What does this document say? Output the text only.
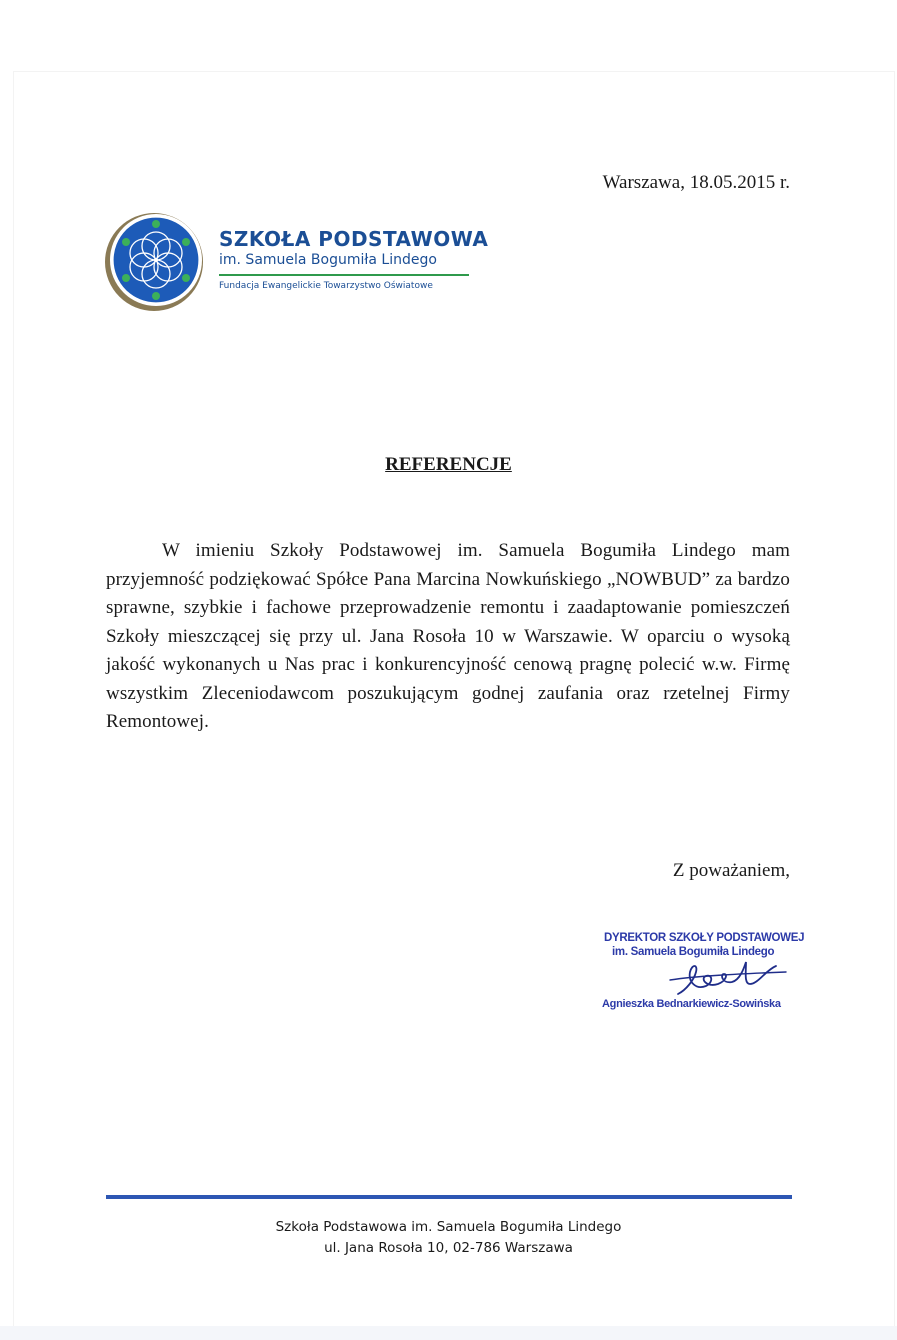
Warszawa, 18.05.2015 r.
SZKOŁA PODSTAWOWA
im. Samuela Bogumiła Lindego
Fundacja Ewangelickie Towarzystwo Oświatowe
REFERENCJE

W imieniu Szkoły Podstawowej im. Samuela Bogumiła Lindego mam przyjemność podziękować Spółce Pana Marcina Nowkuńskiego „NOWBUD” za bardzo sprawne, szybkie i fachowe przeprowadzenie remontu i zaadaptowanie pomieszczeń Szkoły mieszczącej się przy ul. Jana Rosoła 10 w Warszawie. W oparciu o wysoką jakość wykonanych u Nas prac i konkurencyjność cenową pragnę polecić w.w. Firmę wszystkim Zleceniodawcom poszukującym godnej zaufania oraz rzetelnej Firmy Remontowej.

Z poważaniem,
DYREKTOR SZKOŁY PODSTAWOWEJ
im. Samuela Bogumiła Lindego
Agnieszka Bednarkiewicz-Sowińska
Szkoła Podstawowa im. Samuela Bogumiła Lindego
ul. Jana Rosoła 10, 02-786 Warszawa
